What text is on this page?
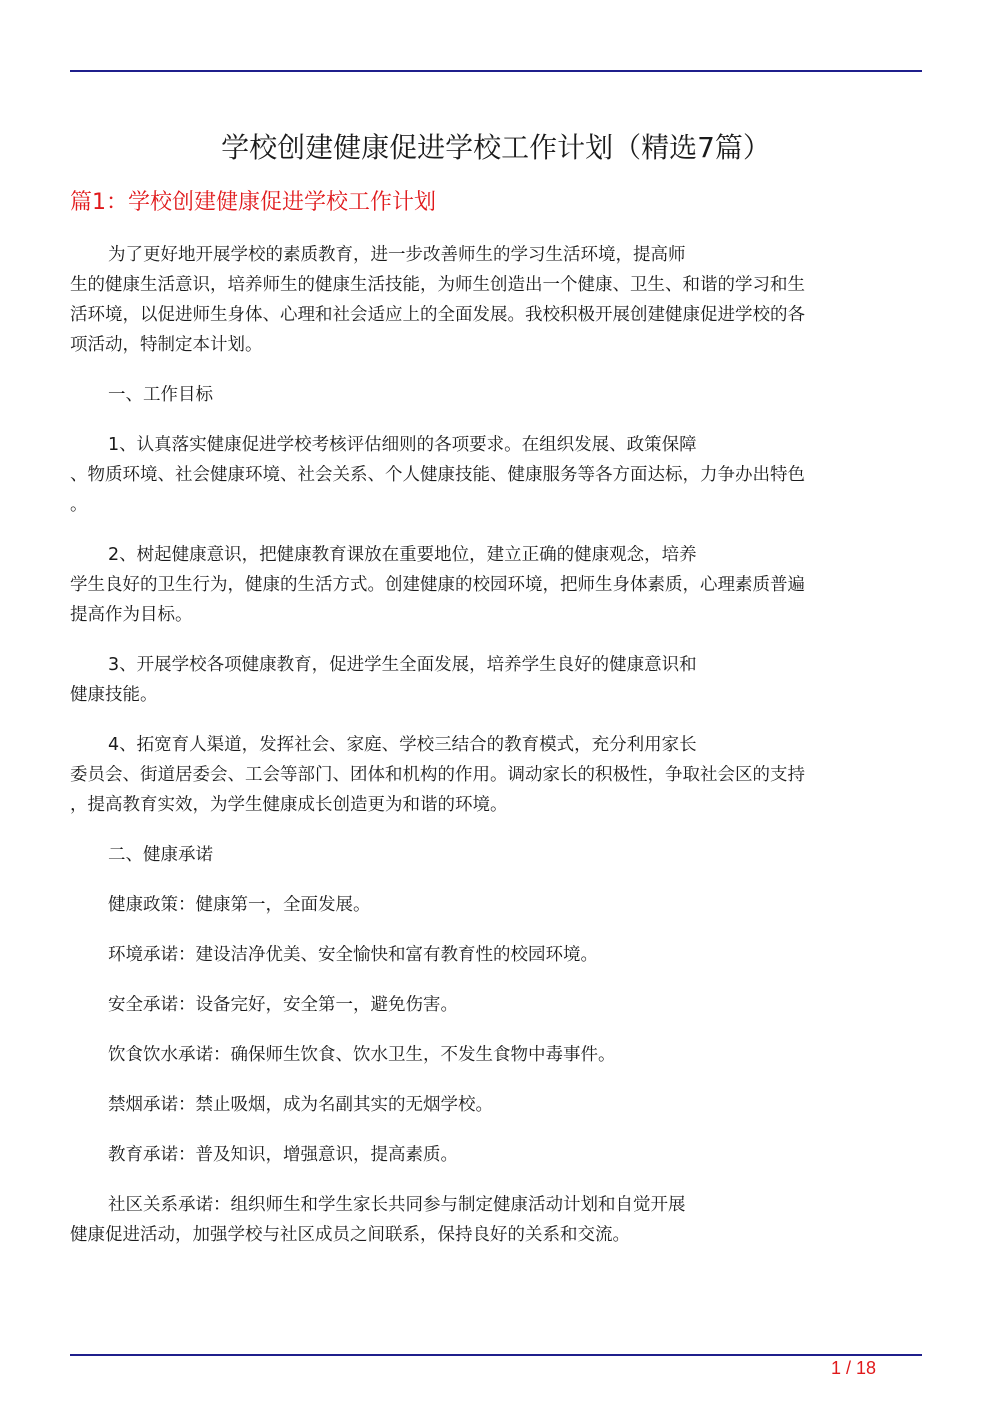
学校创建健康促进学校工作计划（精选7篇）
篇1：学校创建健康促进学校工作计划

为了更好地开展学校的素质教育，进一步改善师生的学习生活环境，提高师
生的健康生活意识，培养师生的健康生活技能，为师生创造出一个健康、卫生、和谐的学习和生
活环境，以促进师生身体、心理和社会适应上的全面发展。我校积极开展创建健康促进学校的各
项活动，特制定本计划。

一、工作目标

1、认真落实健康促进学校考核评估细则的各项要求。在组织发展、政策保障
、物质环境、社会健康环境、社会关系、个人健康技能、健康服务等各方面达标，力争办出特色
。

2、树起健康意识，把健康教育课放在重要地位，建立正确的健康观念，培养
学生良好的卫生行为，健康的生活方式。创建健康的校园环境，把师生身体素质，心理素质普遍
提高作为目标。

3、开展学校各项健康教育，促进学生全面发展，培养学生良好的健康意识和
健康技能。

4、拓宽育人渠道，发挥社会、家庭、学校三结合的教育模式，充分利用家长
委员会、街道居委会、工会等部门、团体和机构的作用。调动家长的积极性，争取社会区的支持
，提高教育实效，为学生健康成长创造更为和谐的环境。

二、健康承诺

健康政策：健康第一，全面发展。

环境承诺：建设洁净优美、安全愉快和富有教育性的校园环境。

安全承诺：设备完好，安全第一，避免伤害。

饮食饮水承诺：确保师生饮食、饮水卫生，不发生食物中毒事件。

禁烟承诺：禁止吸烟，成为名副其实的无烟学校。

教育承诺：普及知识，增强意识，提高素质。

社区关系承诺：组织师生和学生家长共同参与制定健康活动计划和自觉开展
健康促进活动，加强学校与社区成员之间联系，保持良好的关系和交流。

1 / 18
